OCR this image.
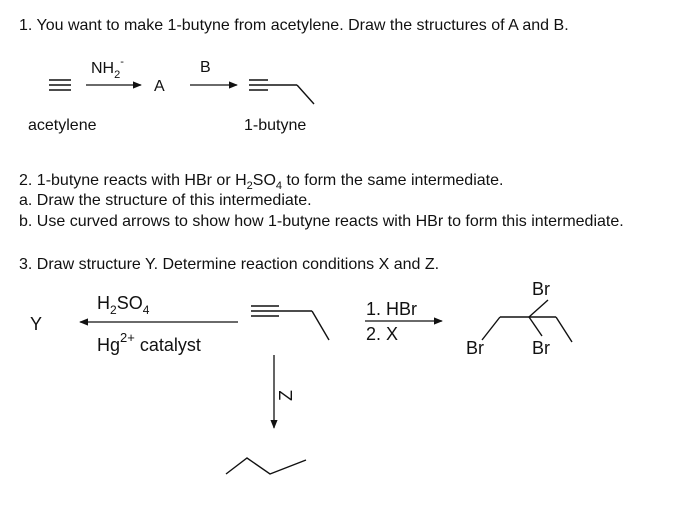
1. You want to make 1-butyne from acetylene. Draw the structures of A and B.
2. 1-butyne reacts with HBr or $H_2SO_4$ to form the same intermediate.
a. Draw the structure of this intermediate.
b. Use curved arrows to show how 1-butyne reacts with HBr to form this intermediate.
3. Draw structure Y. Determine reaction conditions X and Z.
$NH_2^-$
A
B
acetylene	1-butyne
Y
$H_2SO_4$
$Hg^{2+}$ catalyst
1. HBr
2. X
Br
Br	Br
Z
